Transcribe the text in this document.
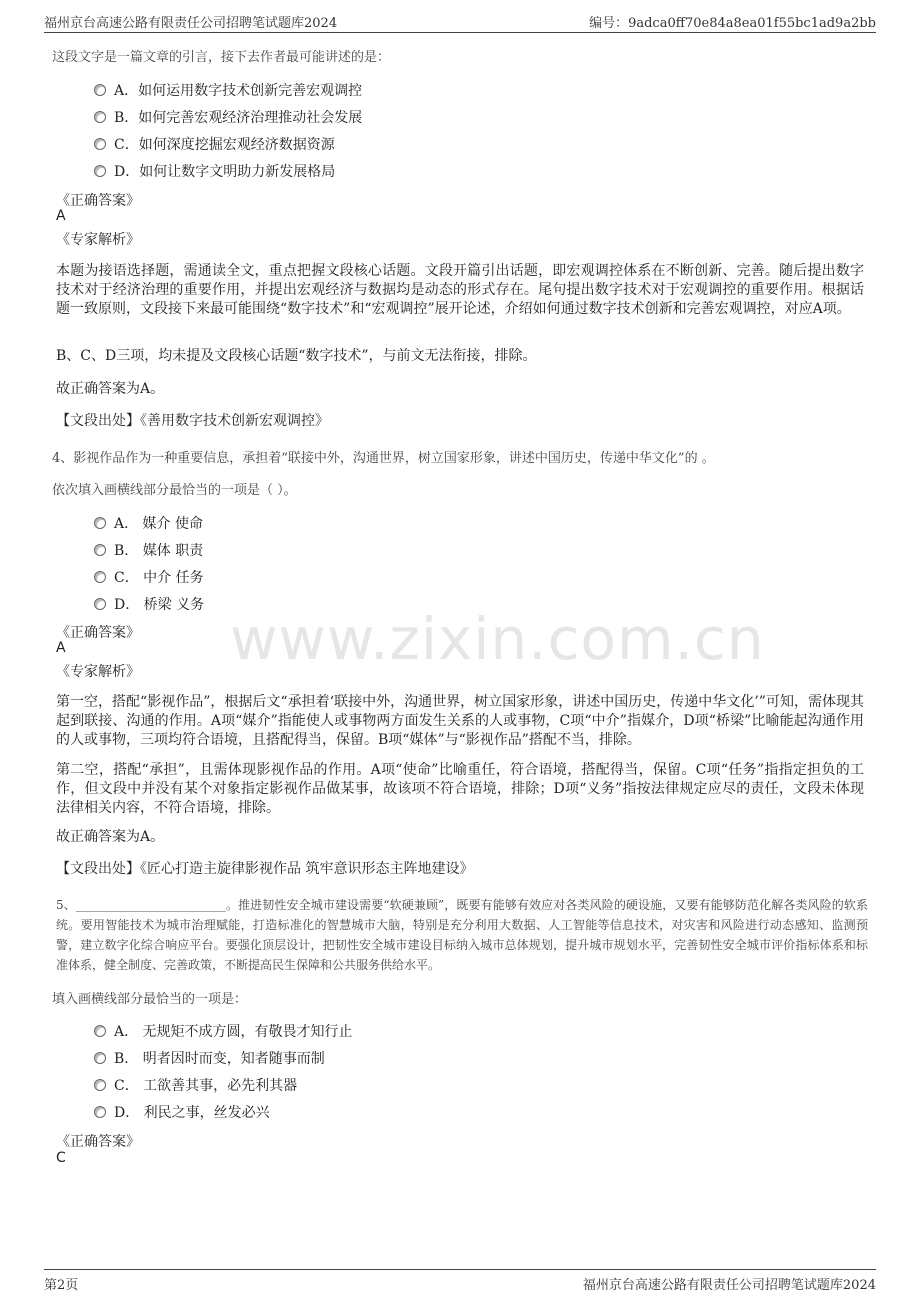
福州京台高速公路有限责任公司招聘笔试题库2024	编号：9adca0ff70e84a8ea01f55bc1ad9a2bb
www.zixin.com.cn
这段文字是一篇文章的引言，接下去作者最可能讲述的是：
A．如何运用数字技术创新完善宏观调控
B．如何完善宏观经济治理推动社会发展
C．如何深度挖掘宏观经济数据资源
D．如何让数字文明助力新发展格局
《正确答案》
A
《专家解析》
本题为接语选择题，需通读全文，重点把握文段核心话题。文段开篇引出话题，即宏观调控体系在不断创新、完善。随后提出数字技术对于经济治理的重要作用，并提出宏观经济与数据均是动态的形式存在。尾句提出数字技术对于宏观调控的重要作用。根据话题一致原则，文段接下来最可能围绕“数字技术”和“宏观调控”展开论述，介绍如何通过数字技术创新和完善宏观调控，对应A项。
B、C、D三项，均未提及文段核心话题“数字技术”，与前文无法衔接，排除。
故正确答案为A。
【文段出处】《善用数字技术创新宏观调控》
4、影视作品作为一种重要信息，承担着“联接中外，沟通世界，树立国家形象，讲述中国历史，传递中华文化”的 。
依次填入画横线部分最恰当的一项是（ ）。
A． 媒介 使命
B． 媒体 职责
C． 中介 任务
D． 桥梁 义务
《正确答案》
A
《专家解析》
第一空，搭配“影视作品”，根据后文“承担着‘联接中外，沟通世界，树立国家形象，讲述中国历史，传递中华文化’”可知，需体现其起到联接、沟通的作用。A项“媒介”指能使人或事物两方面发生关系的人或事物，C项“中介”指媒介，D项“桥梁”比喻能起沟通作用的人或事物，三项均符合语境，且搭配得当，保留。B项“媒体”与“影视作品”搭配不当，排除。
第二空，搭配“承担”，且需体现影视作品的作用。A项“使命”比喻重任，符合语境，搭配得当，保留。C项“任务”指指定担负的工作，但文段中并没有某个对象指定影视作品做某事，故该项不符合语境，排除；D项“义务”指按法律规定应尽的责任，文段未体现法律相关内容，不符合语境，排除。
故正确答案为A。
【文段出处】《匠心打造主旋律影视作品 筑牢意识形态主阵地建设》
5、_________________________。推进韧性安全城市建设需要“软硬兼顾”，既要有能够有效应对各类风险的硬设施，又要有能够防范化解各类风险的软系统。要用智能技术为城市治理赋能，打造标准化的智慧城市大脑，特别是充分利用大数据、人工智能等信息技术，对灾害和风险进行动态感知、监测预警，建立数字化综合响应平台。要强化顶层设计，把韧性安全城市建设目标纳入城市总体规划，提升城市规划水平，完善韧性安全城市评价指标体系和标准体系，健全制度、完善政策，不断提高民生保障和公共服务供给水平。
填入画横线部分最恰当的一项是：
A． 无规矩不成方圆，有敬畏才知行止
B． 明者因时而变，知者随事而制
C． 工欲善其事，必先利其器
D． 利民之事，丝发必兴
《正确答案》
C
第2页	福州京台高速公路有限责任公司招聘笔试题库2024
